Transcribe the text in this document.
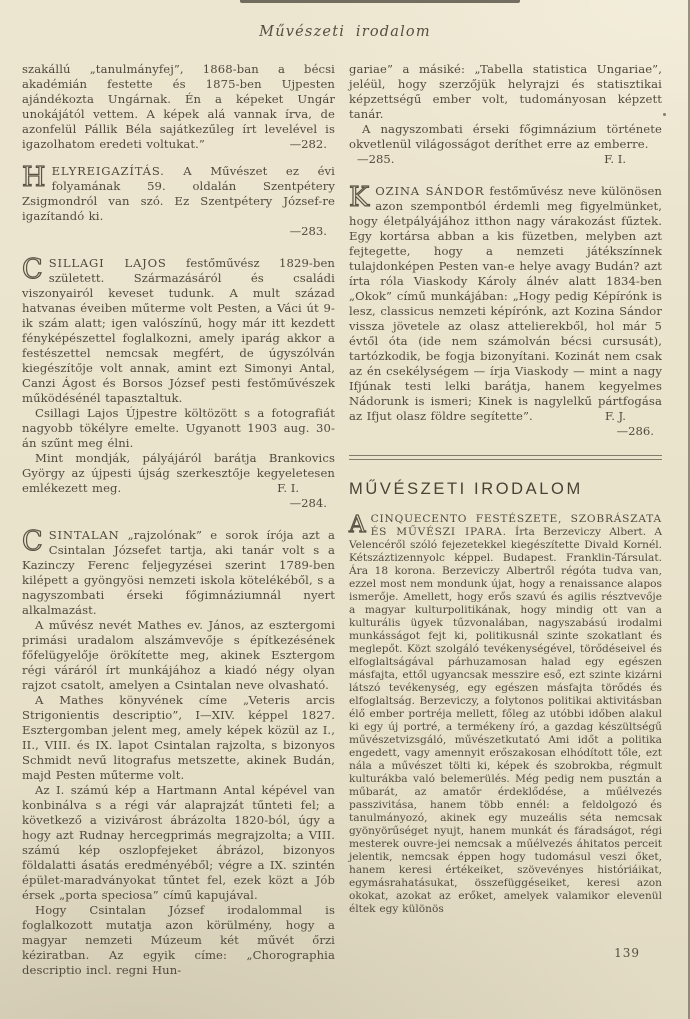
Művészeti irodalom

szakállú „tanulmányfej”, 1868-ban a bécsi akadémián festette és 1875-ben Ujpesten ajándékozta Ungárnak. Én a képeket Ungár unokájától vettem. A képek alá vannak írva, de azonfelül Pállik Béla sajátkezűleg írt levelével is igazolhatom eredeti voltukat.”	—282.

HELYREIGAZÍTÁS. A Művészet ez évi folyamának 59. oldalán Szentpétery Zsigmondról van szó. Ez Szentpétery József-re igazítandó ki.

—283.

CSILLAGI LAJOS festőművész 1829-ben született. Származásáról és családi viszonyairól keveset tudunk. A mult század hatvanas éveiben műterme volt Pesten, a Váci út 9-ik szám alatt; igen valószínű, hogy már itt kezdett fényképészettel foglalkozni, amely iparág akkor a festészettel nemcsak megfért, de úgyszólván kiegészítője volt annak, amint ezt Simonyi Antal, Canzi Ágost és Borsos József pesti festőművészek működésénél tapasztaltuk.

Csillagi Lajos Újpestre költözött s a fotografiát nagyobb tökélyre emelte. Ugyanott 1903 aug. 30-án szűnt meg élni.

Mint mondják, pályájáról barátja Brankovics György az újpesti újság szerkesztője kegyeletesen emlékezett meg.	F. I.
—284.

CSINTALAN „rajzolónak” e sorok írója azt a Csintalan Józsefet tartja, aki tanár volt s a Kazinczy Ferenc feljegyzései szerint 1789-ben kilépett a gyöngyösi nemzeti iskola kötelékéből, s a nagyszombati érseki főgimnáziumnál nyert alkalmazást.

A művész nevét Mathes ev. János, az esztergomi primási uradalom alszámvevője s építkezésének főfelügyelője örökítette meg, akinek Esztergom régi váráról írt munkájához a kiadó négy olyan rajzot csatolt, amelyen a Csintalan neve olvasható.

A Mathes könyvének címe „Veteris arcis Strigonientis descriptio”, I—XIV. képpel 1827. Esztergomban jelent meg, amely képek közül az I., II., VIII. és IX. lapot Csintalan rajzolta, s bizonyos Schmidt nevű litografus metszette, akinek Budán, majd Pesten műterme volt.

Az I. számú kép a Hartmann Antal képével van konbinálva s a régi vár alaprajzát tűnteti fel; a következő a vizivárost ábrázolta 1820-ból, úgy a hogy azt Rudnay hercegprimás megrajzolta; a VIII. számú kép oszlopfejeket ábrázol, bizonyos földalatti ásatás eredményéből; végre a IX. szintén épület-maradványokat tűntet fel, ezek közt a Jób érsek „porta speciosa” című kapujával.

Hogy Csintalan József irodalommal is foglalkozott mutatja azon körülmény, hogy a magyar nemzeti Múzeum két művét őrzi kéziratban. Az egyik címe: „Chorographia descriptio incl. regni Hun-

gariae” a másiké: „Tabella statistica Ungariae”, jeléül, hogy szerzőjük helyrajzi és statisztikai képzettségű ember volt, tudományosan képzett tanár.

A nagyszombati érseki főgimnázium története okvetlenül világosságot deríthet erre az emberre.

—285.	F. I.

KOZINA SÁNDOR festőművész neve különösen azon szempontból érdemli meg figyelmünket, hogy életpályájához itthon nagy várakozást fűztek. Egy kortársa abban a kis füzetben, melyben azt fejtegette, hogy a nemzeti játékszínnek tulajdonképen Pesten van-e helye avagy Budán? azt írta róla Viaskody Károly álnév alatt 1834-ben „Okok” című munkájában: „Hogy pedig Képírónk is lesz, classicus nemzeti képírónk, azt Kozina Sándor vissza jövetele az olasz attelierekből, hol már 5 évtől óta (ide nem számolván bécsi cursusát), tartózkodik, be fogja bizonyítani. Kozinát nem csak az én csekélységem — írja Viaskody — mint a nagy Ifjúnak testi lelki barátja, hanem kegyelmes Nádorunk is ismeri; Kinek is nagylelkű pártfogása az Ifjut olasz földre segítette”.	F. J.
—286.
MŰVÉSZETI IRODALOM

ACINQUECENTO FESTÉSZETE, SZOBRÁSZATA ÉS MŰVÉSZI IPARA. Írta Berzeviczy Albert. A Velencéről szóló fejezetekkel kiegészítette Divald Kornél. Kétszáztizennyolc képpel. Budapest. Franklin-Társulat. Ára 18 korona. Berzeviczy Albertről régóta tudva van, ezzel most nem mondunk újat, hogy a renaissance alapos ismerője. Amellett, hogy erős szavú és agilis résztvevője a magyar kulturpolitikának, hogy mindig ott van a kulturális ügyek tűzvonalában, nagyszabású irodalmi munkásságot fejt ki, politikusnál szinte szokatlant és meglepőt. Közt szolgáló tevékenységével, törődéseivel és elfoglaltságával párhuzamosan halad egy egészen másfajta, ettől ugyancsak messzire eső, ezt szinte kizárni látszó tevékenység, egy egészen másfajta törődés és elfoglaltság. Berzeviczy, a folytonos politikai aktivitásban élő ember portréja mellett, főleg az utóbbi időben alakul ki egy új portré, a termékeny író, a gazdag készültségű művészetvizsgáló, művészetkutató Ami időt a politika engedett, vagy amennyit erőszakosan elhódított tőle, ezt nála a művészet tölti ki, képek és szobrokba, régmult kulturákba való belemerülés. Még pedig nem pusztán a műbarát, az amatőr érdeklődése, a műélvezés passzivitása, hanem több ennél: a feldolgozó és tanulmányozó, akinek egy muzeális séta nemcsak gyönyörűséget nyujt, hanem munkát és fáradságot, régi mesterek ouvre-jei nemcsak a műélvezés áhitatos perceit jelentik, nemcsak éppen hogy tudomásul veszi őket, hanem keresi értékeiket, szövevényes históriáikat, egymásrahatásukat, összefüggéseiket, keresi azon okokat, azokat az erőket, amelyek valamikor elevenül éltek egy különös

139
